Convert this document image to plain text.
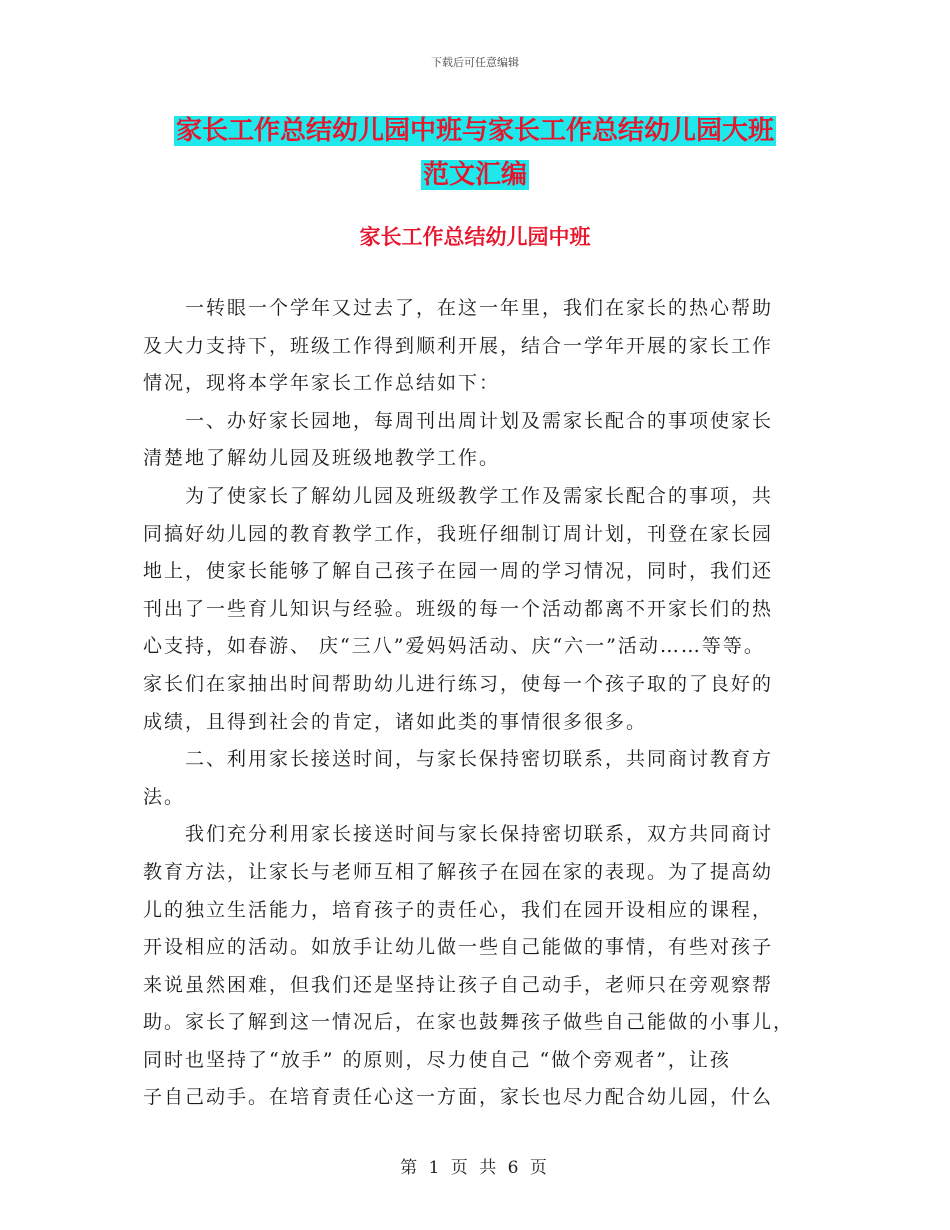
下载后可任意编辑
家长工作总结幼儿园中班与家长工作总结幼儿园大班
范文汇编
家长工作总结幼儿园中班
　　一转眼一个学年又过去了，在这一年里，我们在家长的热心帮助
及大力支持下，班级工作得到顺利开展，结合一学年开展的家长工作
情况，现将本学年家长工作总结如下：
　　一、办好家长园地，每周刊出周计划及需家长配合的事项使家长
清楚地了解幼儿园及班级地教学工作。
　　为了使家长了解幼儿园及班级教学工作及需家长配合的事项，共
同搞好幼儿园的教育教学工作，我班仔细制订周计划，刊登在家长园
地上，使家长能够了解自己孩子在园一周的学习情况，同时，我们还
刊出了一些育儿知识与经验。班级的每一个活动都离不开家长们的热
心支持，如春游、 庆“三八”爱妈妈活动、庆“六一”活动……等等。
家长们在家抽出时间帮助幼儿进行练习，使每一个孩子取的了良好的
成绩，且得到社会的肯定，诸如此类的事情很多很多。
　　二、利用家长接送时间，与家长保持密切联系，共同商讨教育方
法。
　　我们充分利用家长接送时间与家长保持密切联系，双方共同商讨
教育方法，让家长与老师互相了解孩子在园在家的表现。为了提高幼
儿的独立生活能力，培育孩子的责任心，我们在园开设相应的课程，
开设相应的活动。如放手让幼儿做一些自己能做的事情，有些对孩子
来说虽然困难，但我们还是坚持让孩子自己动手，老师只在旁观察帮
助。家长了解到这一情况后，在家也鼓舞孩子做些自己能做的小事儿，
同时也坚持了“放手” 的原则，尽力使自己 “做个旁观者”，让孩
子自己动手。在培育责任心这一方面，家长也尽力配合幼儿园，什么
第 1 页 共 6 页
